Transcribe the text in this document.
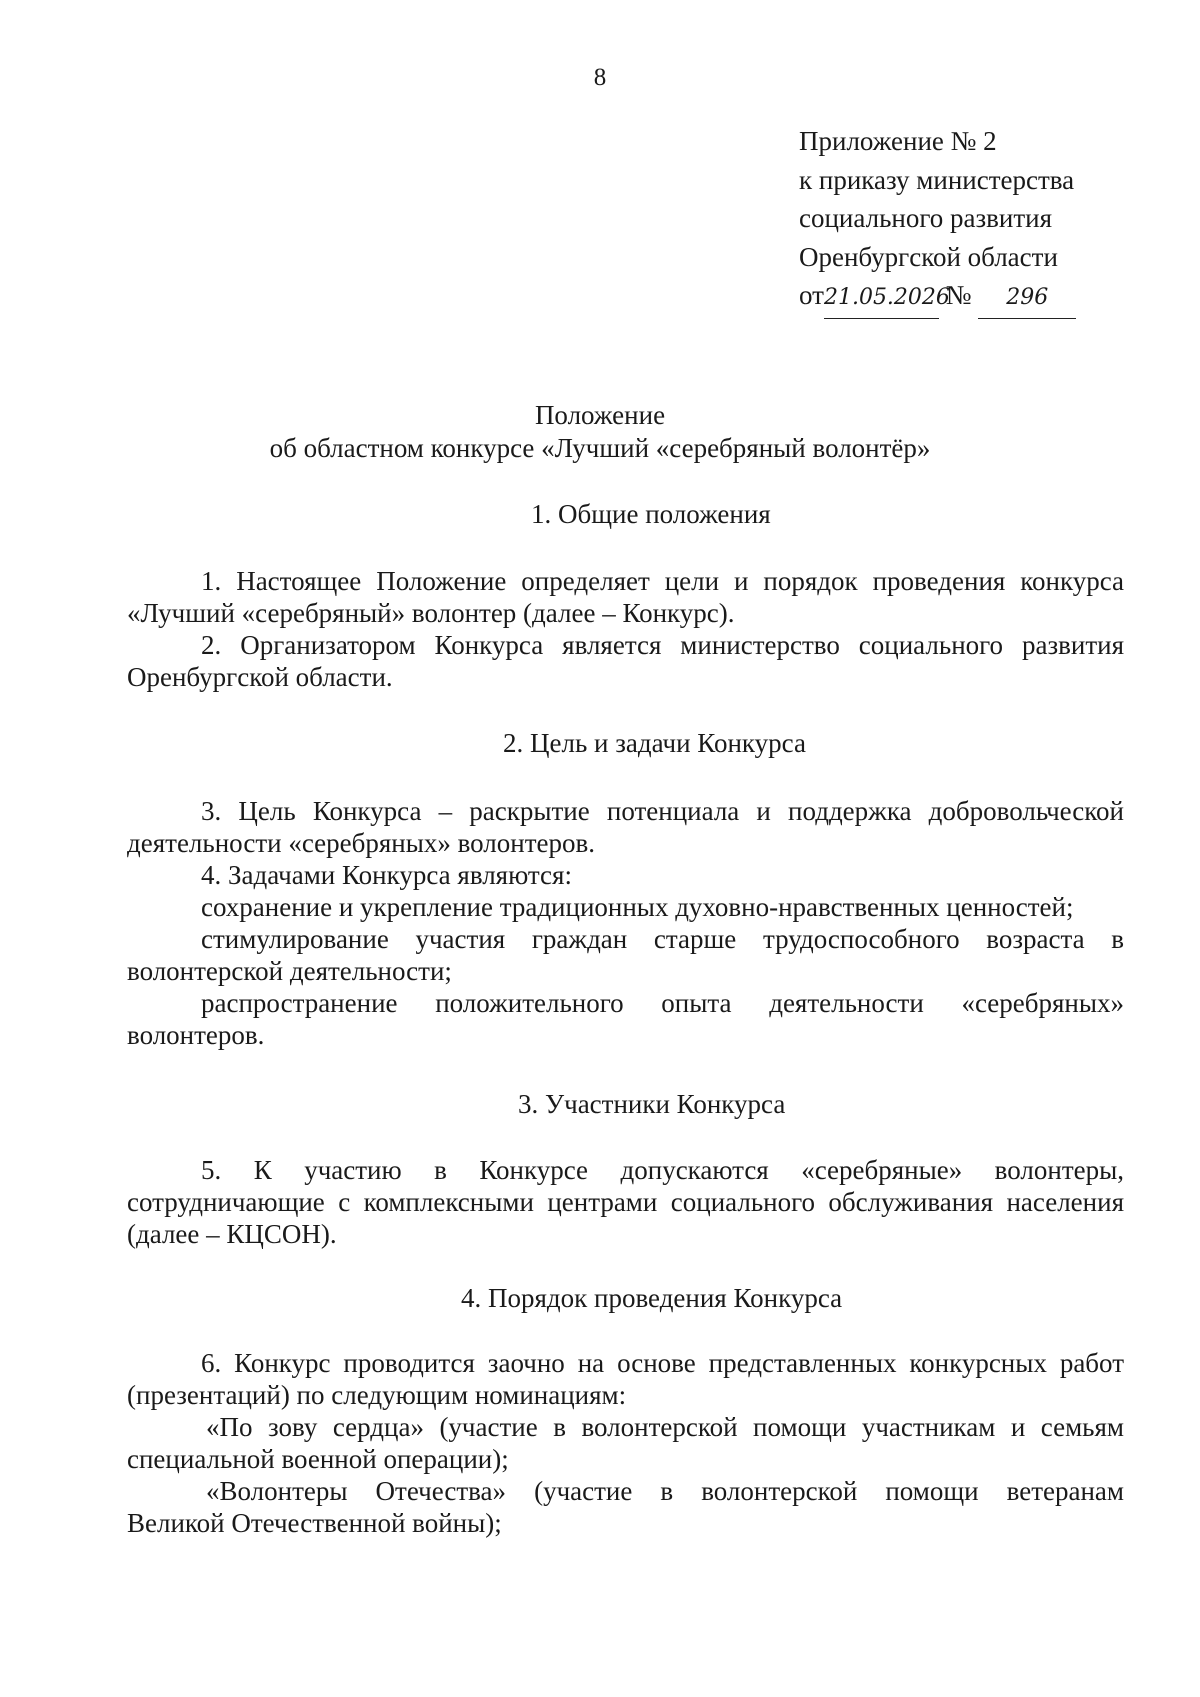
8
Приложение № 2
к приказу министерства
социального развития
Оренбургской области
от21.05.2026 № 296
Положение
об областном конкурсе «Лучший «серебряный волонтёр»
1. Общие положения
1. Настоящее Положение определяет цели и порядок проведения конкурса
«Лучший «серебряный» волонтер (далее – Конкурс).
2. Организатором Конкурса является министерство социального развития
Оренбургской области.
2. Цель и задачи Конкурса
3. Цель Конкурса – раскрытие потенциала и поддержка добровольческой
деятельности «серебряных» волонтеров.
4. Задачами Конкурса являются:
сохранение и укрепление традиционных духовно-нравственных ценностей;
стимулирование участия граждан старше трудоспособного возраста в
волонтерской деятельности;
распространение положительного опыта деятельности «серебряных»
волонтеров.
3. Участники Конкурса
5. К участию в Конкурсе допускаются «серебряные» волонтеры,
сотрудничающие с комплексными центрами социального обслуживания населения
(далее – КЦСОН).
4. Порядок проведения Конкурса
6. Конкурс проводится заочно на основе представленных конкурсных работ
(презентаций) по следующим номинациям:
«По зову сердца» (участие в волонтерской помощи участникам и семьям
специальной военной операции);
«Волонтеры Отечества» (участие в волонтерской помощи ветеранам
Великой Отечественной войны);
